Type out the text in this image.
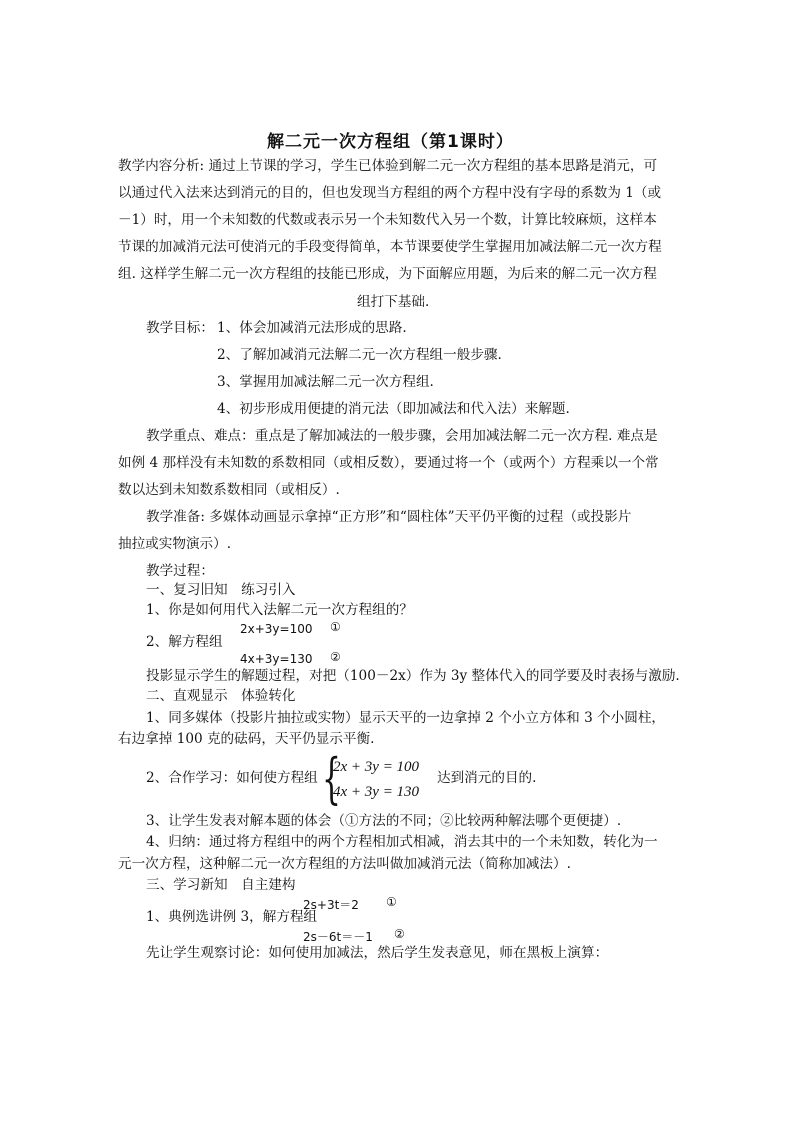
解二元一次方程组（第1课时）
教学内容分析: 通过上节课的学习，学生已体验到解二元一次方程组的基本思路是消元，可
以通过代入法来达到消元的目的，但也发现当方程组的两个方程中没有字母的系数为 1（或
－1）时，用一个未知数的代数或表示另一个未知数代入另一个数，计算比较麻烦，这样本
节课的加减消元法可使消元的手段变得简单，本节课要使学生掌握用加减法解二元一次方程
组. 这样学生解二元一次方程组的技能已形成，为下面解应用题，为后来的解二元一次方程
组打下基础.
教学目标： 1、体会加减消元法形成的思路.
2、了解加减消元法解二元一次方程组一般步骤.
3、掌握用加减法解二元一次方程组.
4、初步形成用便捷的消元法（即加减法和代入法）来解题.
教学重点、难点：重点是了解加减法的一般步骤，会用加减法解二元一次方程. 难点是
如例 4 那样没有未知数的系数相同（或相反数），要通过将一个（或两个）方程乘以一个常
数以达到未知数系数相同（或相反）.
教学准备: 多媒体动画显示拿掉“正方形”和“圆柱体”天平仍平衡的过程（或投影片
抽拉或实物演示）.
教学过程：
一、复习旧知　练习引入
1、你是如何用代入法解二元一次方程组的？
2x+3y=100 ①
2、解方程组
4x+3y=130 ②
投影显示学生的解题过程，对把（100－2x）作为 3y 整体代入的同学要及时表扬与激励.
二、直观显示　体验转化
1、同多媒体（投影片抽拉或实物）显示天平的一边拿掉 2 个小立方体和 3 个小圆柱，
右边拿掉 100 克的砝码，天平仍显示平衡.
2、合作学习：如何使方程组 {
2x + 3y = 100
4x + 3y = 130
达到消元的目的.
3、让学生发表对解本题的体会（①方法的不同；②比较两种解法哪个更便捷）.
4、归纳：通过将方程组中的两个方程相加式相减，消去其中的一个未知数，转化为一
元一次方程，这种解二元一次方程组的方法叫做加减消元法（简称加减法）.
三、学习新知　自主建构
2s+3t＝2 ①
1、典例选讲例 3，解方程组
2s－6t＝－1 ②
先让学生观察讨论：如何使用加减法，然后学生发表意见，师在黑板上演算：
